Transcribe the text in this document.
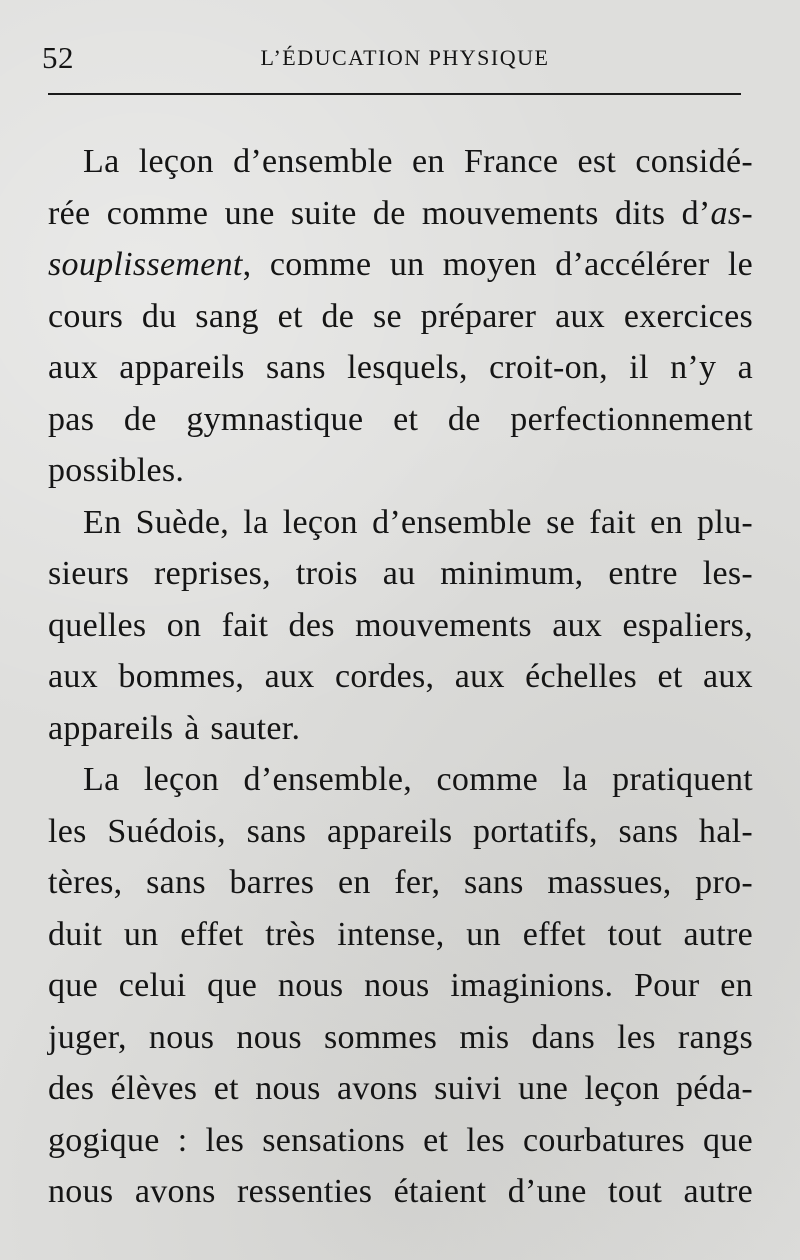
52	L’ÉDUCATION PHYSIQUE
La leçon d’ensemble en France est considé-
rée comme une suite de mouvements dits d’as-
souplissement, comme un moyen d’accélérer le
cours du sang et de se préparer aux exercices
aux appareils sans lesquels, croit-on, il n’y a
pas de gymnastique et de perfectionnement
possibles.
En Suède, la leçon d’ensemble se fait en plu-
sieurs reprises, trois au minimum, entre les-
quelles on fait des mouvements aux espaliers,
aux bommes, aux cordes, aux échelles et aux
appareils à sauter.
La leçon d’ensemble, comme la pratiquent
les Suédois, sans appareils portatifs, sans hal-
tères, sans barres en fer, sans massues, pro-
duit un effet très intense, un effet tout autre
que celui que nous nous imaginions. Pour en
juger, nous nous sommes mis dans les rangs
des élèves et nous avons suivi une leçon péda-
gogique : les sensations et les courbatures que
nous avons ressenties étaient d’une tout autre
